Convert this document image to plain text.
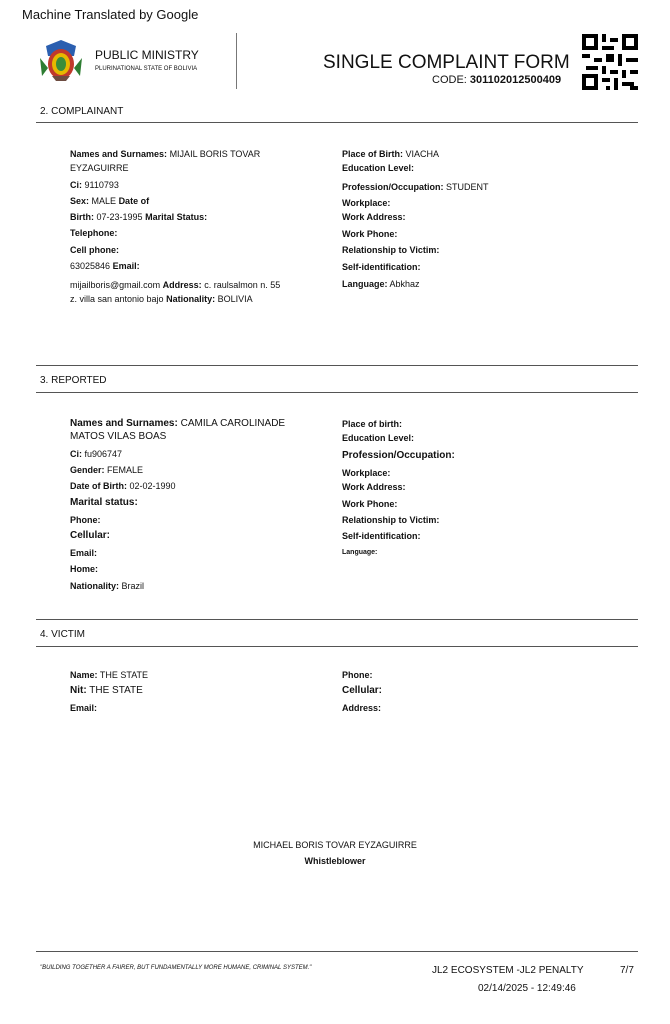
Machine Translated by Google
PUBLIC MINISTRY
PLURINATIONAL STATE OF BOLIVIA	SINGLE COMPLAINT FORM
CODE: 301102012500409
2. COMPLAINANT
Names and Surnames: MIJAIL BORIS TOVAR
EYZAGUIRRE
Ci: 9110793
Sex: MALE Date of
Birth: 07-23-1995 Marital Status:
Telephone:
Cell phone:
63025846 Email:
mijailboris@gmail.com Address: c. raulsalmon n. 55
z. villa san antonio bajo Nationality: BOLIVIA
Place of Birth: VIACHA
Education Level:
Profession/Occupation: STUDENT
Workplace:
Work Address:
Work Phone:
Relationship to Victim:
Self-identification:
Language: Abkhaz
3. REPORTED
Names and Surnames: CAMILA CAROLINADE
MATOS VILAS BOAS
Ci: fu906747
Gender: FEMALE
Date of Birth: 02-02-1990
Marital status:
Phone:
Cellular:
Email:
Home:
Nationality: Brazil
Place of birth:
Education Level:
Profession/Occupation:
Workplace:
Work Address:
Work Phone:
Relationship to Victim:
Self-identification:
Language:
4. VICTIM
Name: THE STATE
Nit: THE STATE
Email:
Phone:
Cellular:
Address:
MICHAEL BORIS TOVAR EYZAGUIRRE
Whistleblower
"BUILDING TOGETHER A FAIRER, BUT FUNDAMENTALLY MORE HUMANE, CRIMINAL SYSTEM."	JL2 ECOSYSTEM -JL2 PENALTY	7/7
02/14/2025 - 12:49:46
